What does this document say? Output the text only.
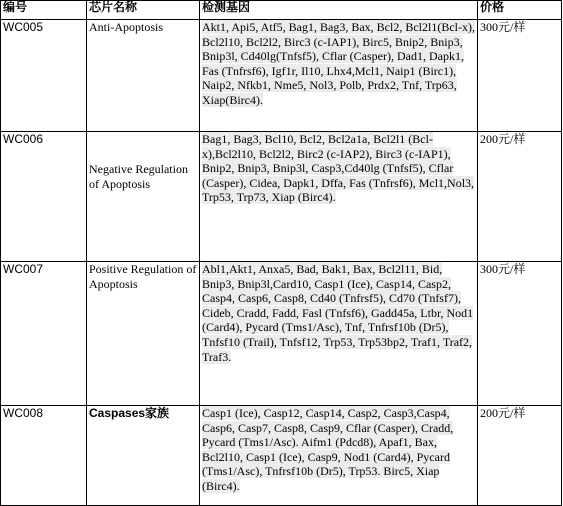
编号	芯片名称	检测基因	价格
WC005	Anti-Apoptosis	Akt1, Api5, Atf5, Bag1, Bag3, Bax, Bcl2, Bcl2l1(Bcl-x), Bcl2l10, Bcl2l2, Birc3 (c-IAP1), Birc5, Bnip2, Bnip3, Bnip3l, Cd40lg(Tnfsf5), Cflar (Casper), Dad1, Dapk1, Fas (Tnfrsf6), Igf1r, Il10, Lhx4,Mcl1, Naip1 (Birc1), Naip2, Nfkb1, Nme5, Nol3, Polb, Prdx2, Tnf, Trp63, Xiap(Birc4).	300元/样
WC006	Negative Regulation of Apoptosis	Bag1, Bag3, Bcl10, Bcl2, Bcl2a1a, Bcl2l1 (Bcl-x),Bcl2l10, Bcl2l2, Birc2 (c-IAP2), Birc3 (c-IAP1), Bnip2, Bnip3, Bnip3l, Casp3,Cd40lg (Tnfsf5), Cflar (Casper), Cidea, Dapk1, Dffa, Fas (Tnfrsf6), Mcl1,Nol3, Trp53, Trp73, Xiap (Birc4).	200元/样
WC007	Positive Regulation of Apoptosis	Abl1,Akt1, Anxa5, Bad, Bak1, Bax, Bcl2l11, Bid, Bnip3, Bnip3l,Card10, Casp1 (Ice), Casp14, Casp2, Casp4, Casp6, Casp8, Cd40 (Tnfrsf5), Cd70 (Tnfsf7), Cideb, Cradd, Fadd, Fasl (Tnfsf6), Gadd45a, Ltbr, Nod1 (Card4), Pycard (Tms1/Asc), Tnf, Tnfrsf10b (Dr5), Tnfsf10 (Trail), Tnfsf12, Trp53, Trp53bp2, Traf1, Traf2, Traf3.	300元/样
WC008	Caspases家族	Casp1 (Ice), Casp12, Casp14, Casp2, Casp3,Casp4, Casp6, Casp7, Casp8, Casp9, Cflar (Casper), Cradd, Pycard (Tms1/Asc). Aifm1 (Pdcd8), Apaf1, Bax, Bcl2l10, Casp1 (Ice), Casp9, Nod1 (Card4), Pycard (Tms1/Asc), Tnfrsf10b (Dr5), Trp53. Birc5, Xiap (Birc4).	200元/样
